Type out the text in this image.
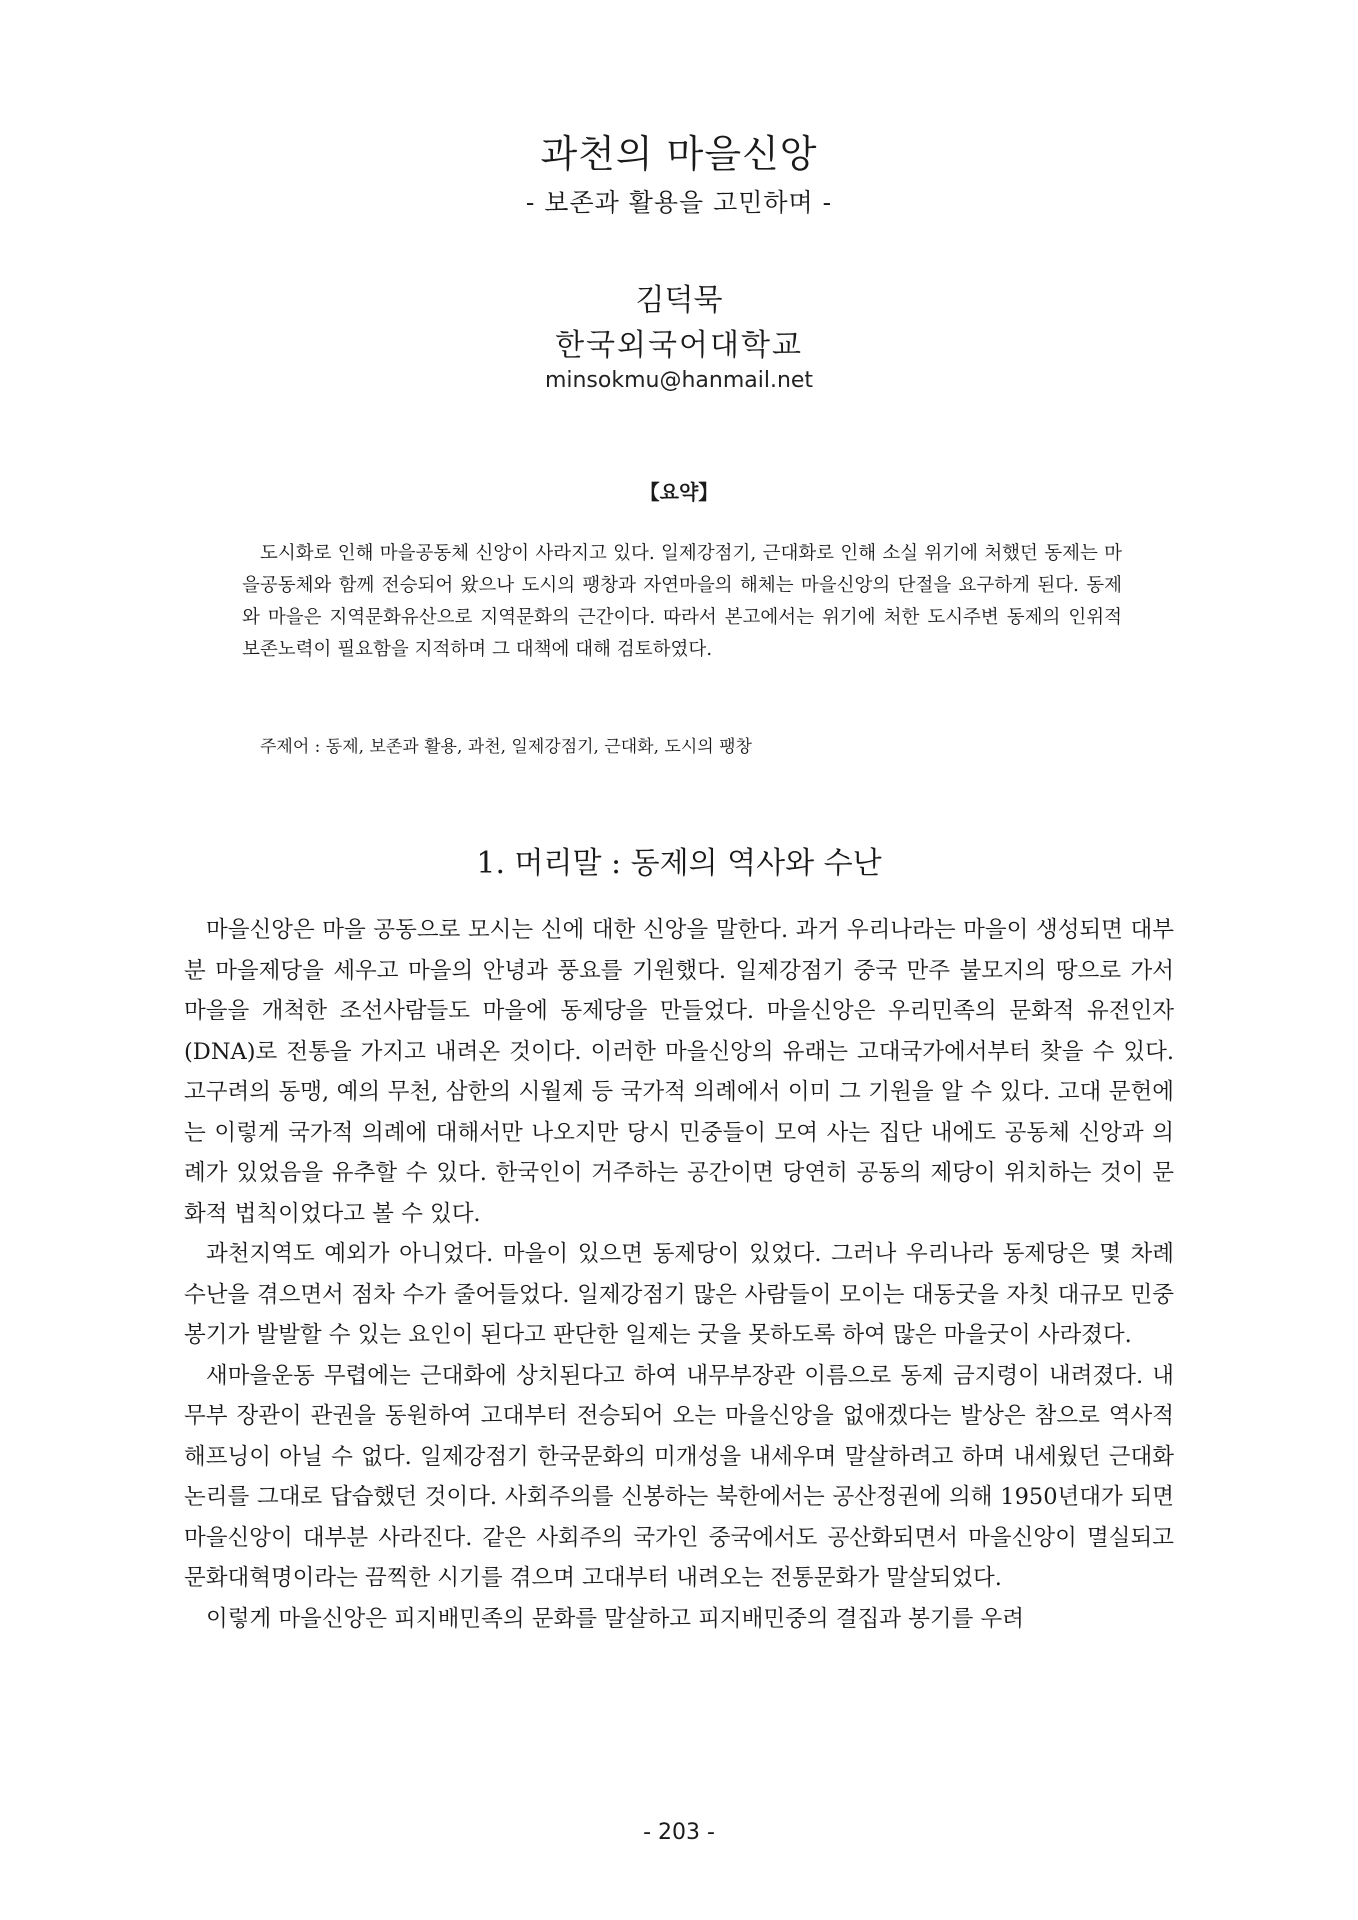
과천의 마을신앙
- 보존과 활용을 고민하며 -
김덕묵
한국외국어대학교
minsokmu@hanmail.net
【요약】
도시화로 인해 마을공동체 신앙이 사라지고 있다. 일제강점기, 근대화로 인해 소실 위기에 처했던 동제는 마을공동체와 함께 전승되어 왔으나 도시의 팽창과 자연마을의 해체는 마을신앙의 단절을 요구하게 된다. 동제와 마을은 지역문화유산으로 지역문화의 근간이다. 따라서 본고에서는 위기에 처한 도시주변 동제의 인위적 보존노력이 필요함을 지적하며 그 대책에 대해 검토하였다.
주제어 : 동제, 보존과 활용, 과천, 일제강점기, 근대화, 도시의 팽창
1. 머리말 : 동제의 역사와 수난

마을신앙은 마을 공동으로 모시는 신에 대한 신앙을 말한다. 과거 우리나라는 마을이 생성되면 대부분 마을제당을 세우고 마을의 안녕과 풍요를 기원했다. 일제강점기 중국 만주 불모지의 땅으로 가서 마을을 개척한 조선사람들도 마을에 동제당을 만들었다. 마을신앙은 우리민족의 문화적 유전인자(DNA)로 전통을 가지고 내려온 것이다. 이러한 마을신앙의 유래는 고대국가에서부터 찾을 수 있다. 고구려의 동맹, 예의 무천, 삼한의 시월제 등 국가적 의례에서 이미 그 기원을 알 수 있다. 고대 문헌에는 이렇게 국가적 의례에 대해서만 나오지만 당시 민중들이 모여 사는 집단 내에도 공동체 신앙과 의례가 있었음을 유추할 수 있다. 한국인이 거주하는 공간이면 당연히 공동의 제당이 위치하는 것이 문화적 법칙이었다고 볼 수 있다.

과천지역도 예외가 아니었다. 마을이 있으면 동제당이 있었다. 그러나 우리나라 동제당은 몇 차례 수난을 겪으면서 점차 수가 줄어들었다. 일제강점기 많은 사람들이 모이는 대동굿을 자칫 대규모 민중봉기가 발발할 수 있는 요인이 된다고 판단한 일제는 굿을 못하도록 하여 많은 마을굿이 사라졌다.

새마을운동 무렵에는 근대화에 상치된다고 하여 내무부장관 이름으로 동제 금지령이 내려졌다. 내무부 장관이 관권을 동원하여 고대부터 전승되어 오는 마을신앙을 없애겠다는 발상은 참으로 역사적 해프닝이 아닐 수 없다. 일제강점기 한국문화의 미개성을 내세우며 말살하려고 하며 내세웠던 근대화 논리를 그대로 답습했던 것이다. 사회주의를 신봉하는 북한에서는 공산정권에 의해 1950년대가 되면 마을신앙이 대부분 사라진다. 같은 사회주의 국가인 중국에서도 공산화되면서 마을신앙이 멸실되고 문화대혁명이라는 끔찍한 시기를 겪으며 고대부터 내려오는 전통문화가 말살되었다.

이렇게 마을신앙은 피지배민족의 문화를 말살하고 피지배민중의 결집과 봉기를 우려

- 203 -
